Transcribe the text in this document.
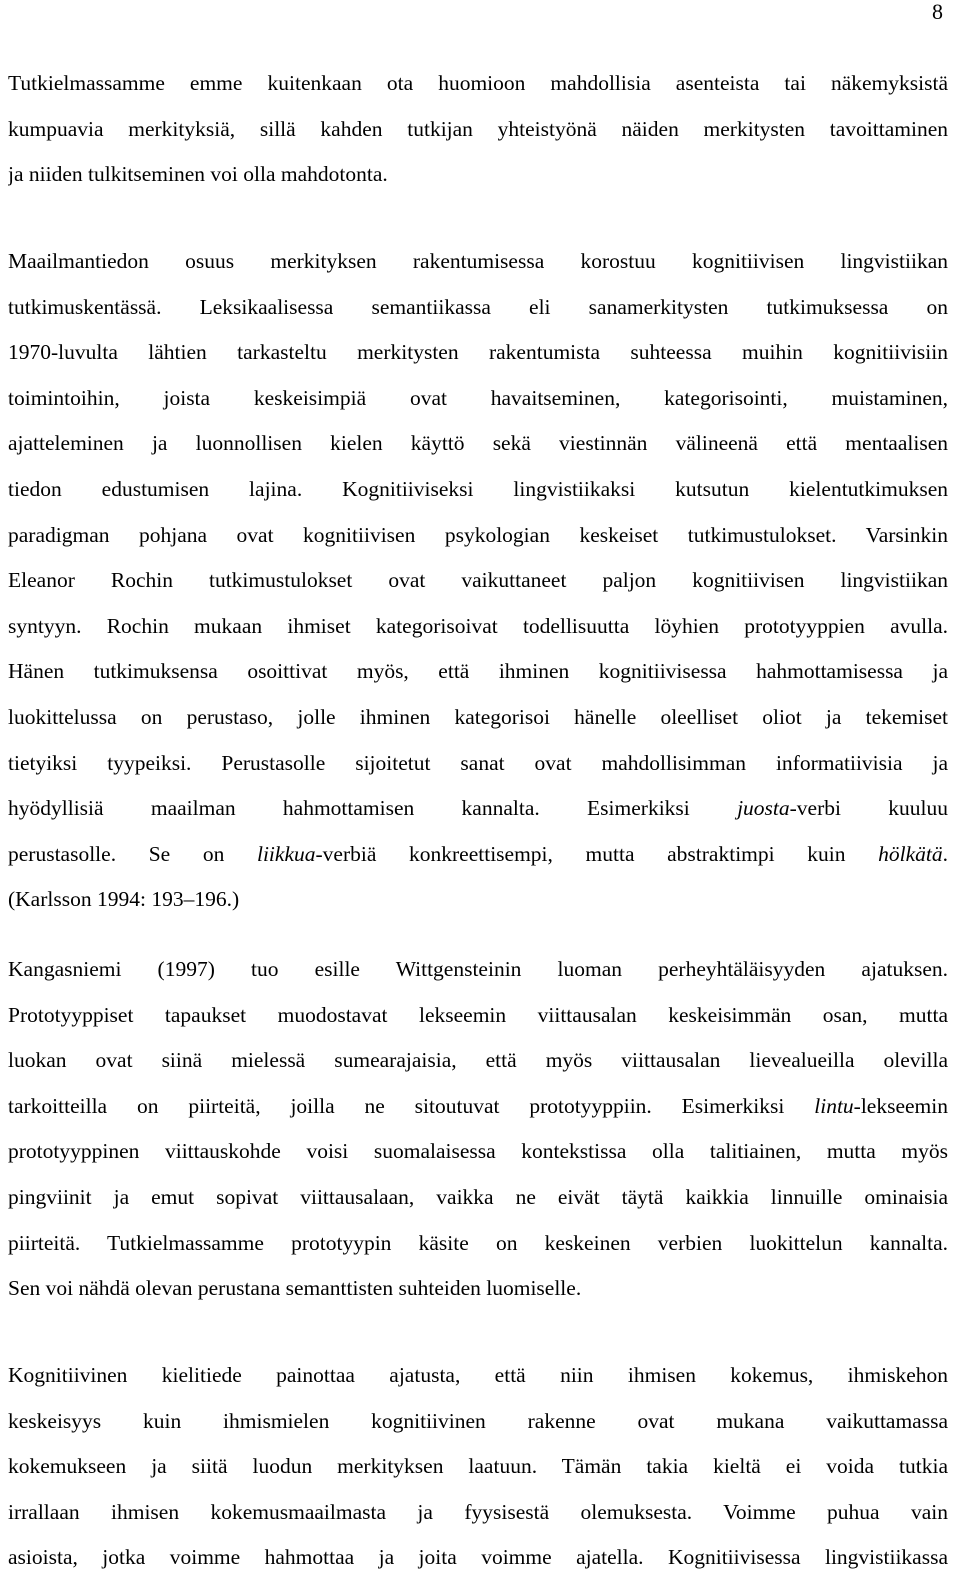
8
Tutkielmassamme emme kuitenkaan ota huomioon mahdollisia asenteista tai näkemyksistä
kumpuavia merkityksiä, sillä kahden tutkijan yhteistyönä näiden merkitysten tavoittaminen
ja niiden tulkitseminen voi olla mahdotonta.
Maailmantiedon osuus merkityksen rakentumisessa korostuu kognitiivisen lingvistiikan
tutkimuskentässä. Leksikaalisessa semantiikassa eli sanamerkitysten tutkimuksessa on
1970-luvulta lähtien tarkasteltu merkitysten rakentumista suhteessa muihin kognitiivisiin
toimintoihin, joista keskeisimpiä ovat havaitseminen, kategorisointi, muistaminen,
ajatteleminen ja luonnollisen kielen käyttö sekä viestinnän välineenä että mentaalisen
tiedon edustumisen lajina. Kognitiiviseksi lingvistiikaksi kutsutun kielentutkimuksen
paradigman pohjana ovat kognitiivisen psykologian keskeiset tutkimustulokset. Varsinkin
Eleanor Rochin tutkimustulokset ovat vaikuttaneet paljon kognitiivisen lingvistiikan
syntyyn. Rochin mukaan ihmiset kategorisoivat todellisuutta löyhien prototyyppien avulla.
Hänen tutkimuksensa osoittivat myös, että ihminen kognitiivisessa hahmottamisessa ja
luokittelussa on perustaso, jolle ihminen kategorisoi hänelle oleelliset oliot ja tekemiset
tietyiksi tyypeiksi. Perustasolle sijoitetut sanat ovat mahdollisimman informatiivisia ja
hyödyllisiä maailman hahmottamisen kannalta. Esimerkiksi juosta-verbi kuuluu
perustasolle. Se on liikkua-verbiä konkreettisempi, mutta abstraktimpi kuin hölkätä.
(Karlsson 1994: 193–196.)
Kangasniemi (1997) tuo esille Wittgensteinin luoman perheyhtäläisyyden ajatuksen.
Prototyyppiset tapaukset muodostavat lekseemin viittausalan keskeisimmän osan, mutta
luokan ovat siinä mielessä sumearajaisia, että myös viittausalan lievealueilla olevilla
tarkoitteilla on piirteitä, joilla ne sitoutuvat prototyyppiin. Esimerkiksi lintu-lekseemin
prototyyppinen viittauskohde voisi suomalaisessa kontekstissa olla talitiainen, mutta myös
pingviinit ja emut sopivat viittausalaan, vaikka ne eivät täytä kaikkia linnuille ominaisia
piirteitä. Tutkielmassamme prototyypin käsite on keskeinen verbien luokittelun kannalta.
Sen voi nähdä olevan perustana semanttisten suhteiden luomiselle.
Kognitiivinen kielitiede painottaa ajatusta, että niin ihmisen kokemus, ihmiskehon
keskeisyys kuin ihmismielen kognitiivinen rakenne ovat mukana vaikuttamassa
kokemukseen ja siitä luodun merkityksen laatuun. Tämän takia kieltä ei voida tutkia
irrallaan ihmisen kokemusmaailmasta ja fyysisestä olemuksesta. Voimme puhua vain
asioista, jotka voimme hahmottaa ja joita voimme ajatella. Kognitiivisessa lingvistiikassa
